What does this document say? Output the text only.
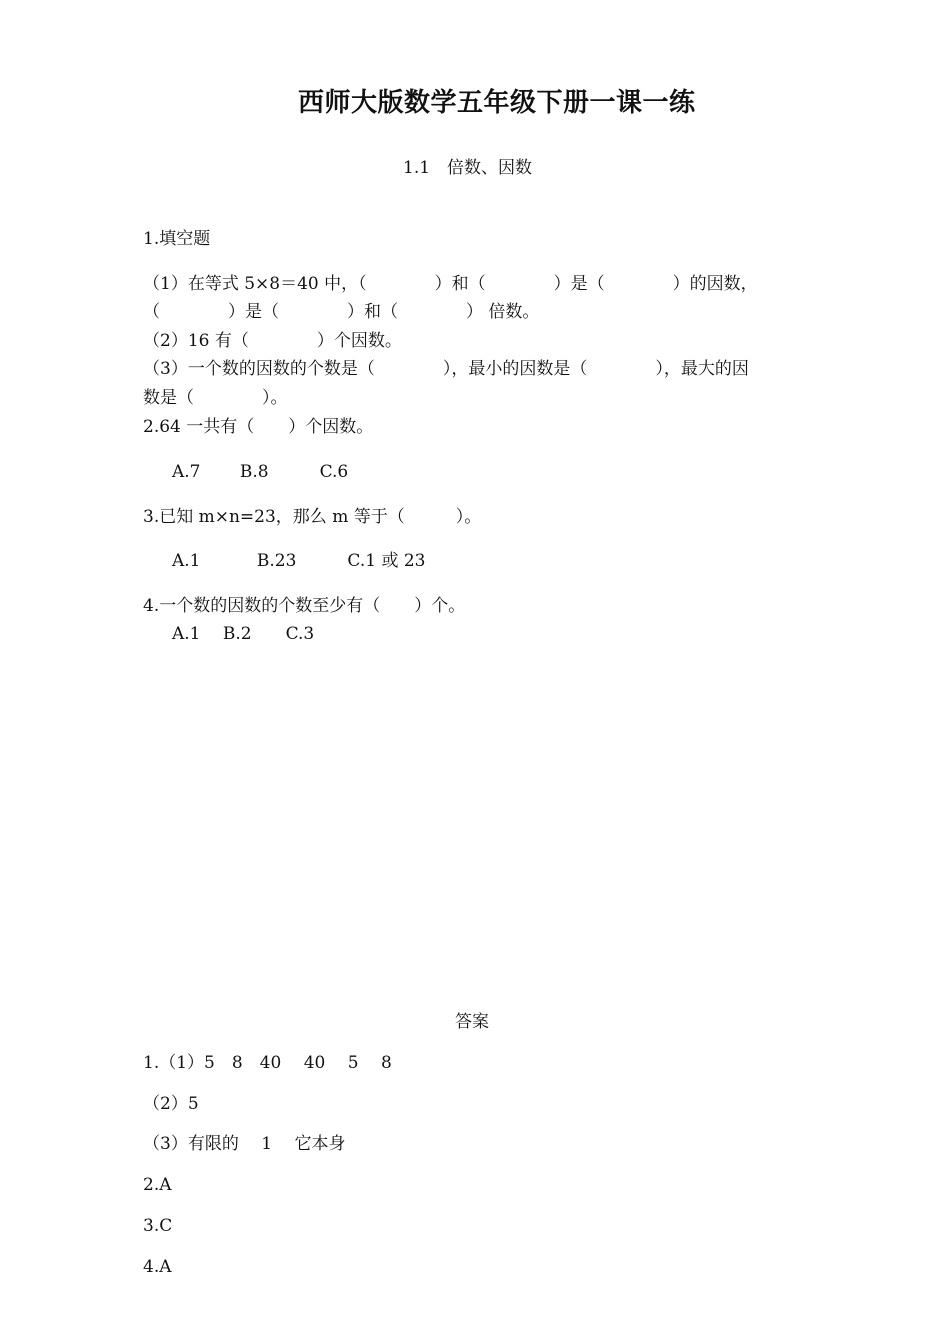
西师大版数学五年级下册一课一练
1.1　倍数、因数
1.填空题
（1）在等式 5×8＝40 中，（　　　　）和（　　　　）是（　　　　）的因数，
（　　　　）是（　　　　）和（　　　　） 倍数。
（2）16 有（　　　　）个因数。
（3）一个数的因数的个数是（　　　　），最小的因数是（　　　　），最大的因
数是（　　　　）。
2.64 一共有（　　）个因数。
A.7　　 B.8　　　C.6
3.已知 m×n=23，那么 m 等于（　　　）。
A.1　　　 B.23　　　C.1 或 23
4.一个数的因数的个数至少有（　　）个。
A.1　 B.2　　C.3
答案
1.（1）5　8　40　 40　 5　 8
（2）5
（3）有限的　 1　 它本身
2.A
3.C
4.A
